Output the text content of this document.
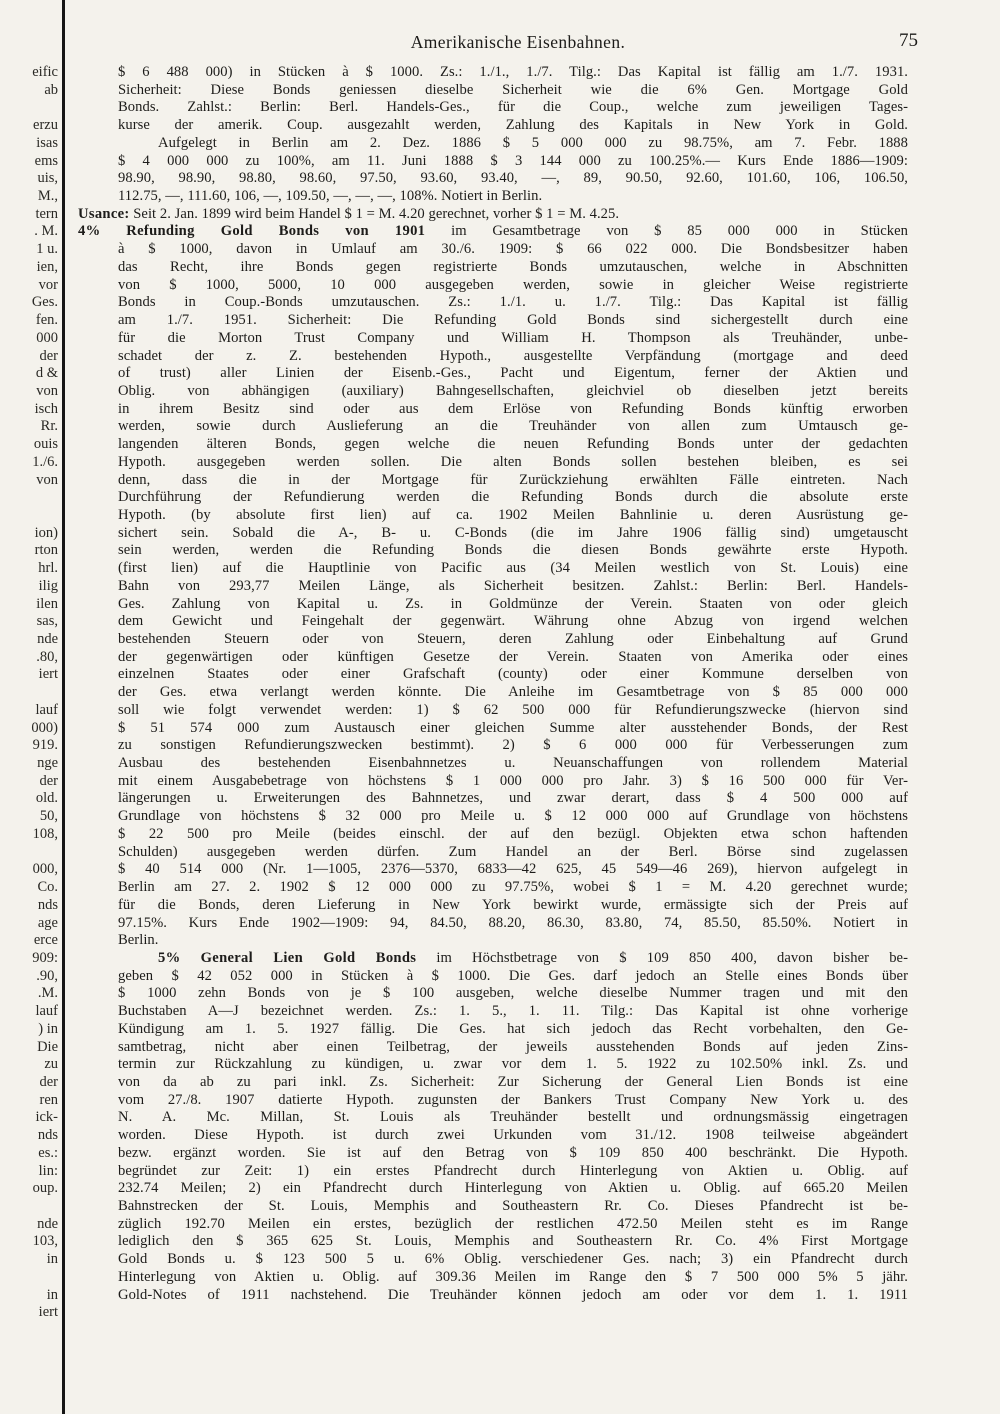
eific
ab

erzu
isas
ems
uis,
M.,
tern
. M.
1 u.
ien,
vor
Ges.
fen.
000
der
d &
von
isch
Rr.
ouis
1./6.
von

ion)
rton
hrl.
ilig
ilen
sas,
nde
.80,
iert

lauf
000)
919.
nge
der
old.
50,
108,

000,
Co.
nds
age
erce
909:
.90,
.M.
lauf
) in
Die
zu
der
ren
ick-
nds
es.:
lin:
oup.

nde
103,
in

in
iert
Amerikanische Eisenbahnen.	75
$ 6 488 000) in Stücken à $ 1000. Zs.: 1./1., 1./7. Tilg.: Das Kapital ist fällig am 1./7. 1931.
Sicherheit: Diese Bonds geniessen dieselbe Sicherheit wie die 6% Gen. Mortgage Gold
Bonds. Zahlst.: Berlin: Berl. Handels-Ges., für die Coup., welche zum jeweiligen Tages-
kurse der amerik. Coup. ausgezahlt werden, Zahlung des Kapitals in New York in Gold.
Aufgelegt in Berlin am 2. Dez. 1886 $ 5 000 000 zu 98.75%, am 7. Febr. 1888
$ 4 000 000 zu 100%, am 11. Juni 1888 $ 3 144 000 zu 100.25%.— Kurs Ende 1886—1909:
98.90, 98.90, 98.80, 98.60, 97.50, 93.60, 93.40, —, 89, 90.50, 92.60, 101.60, 106, 106.50,
112.75, —, 111.60, 106, —, 109.50, —, —, —, 108%. Notiert in Berlin.
Usance: Seit 2. Jan. 1899 wird beim Handel $ 1 = M. 4.20 gerechnet, vorher $ 1 = M. 4.25.
4% Refunding Gold Bonds von 1901 im Gesamtbetrage von $ 85 000 000 in Stücken
à $ 1000, davon in Umlauf am 30./6. 1909: $ 66 022 000. Die Bondsbesitzer haben
das Recht, ihre Bonds gegen registrierte Bonds umzutauschen, welche in Abschnitten
von $ 1000, 5000, 10 000 ausgegeben werden, sowie in gleicher Weise registrierte
Bonds in Coup.-Bonds umzutauschen. Zs.: 1./1. u. 1./7. Tilg.: Das Kapital ist fällig
am 1./7. 1951. Sicherheit: Die Refunding Gold Bonds sind sichergestellt durch eine
für die Morton Trust Company und William H. Thompson als Treuhänder, unbe-
schadet der z. Z. bestehenden Hypoth., ausgestellte Verpfändung (mortgage and deed
of trust) aller Linien der Eisenb.-Ges., Pacht und Eigentum, ferner der Aktien und
Oblig. von abhängigen (auxiliary) Bahngesellschaften, gleichviel ob dieselben jetzt bereits
in ihrem Besitz sind oder aus dem Erlöse von Refunding Bonds künftig erworben
werden, sowie durch Auslieferung an die Treuhänder von allen zum Umtausch ge-
langenden älteren Bonds, gegen welche die neuen Refunding Bonds unter der gedachten
Hypoth. ausgegeben werden sollen. Die alten Bonds sollen bestehen bleiben, es sei
denn, dass die in der Mortgage für Zurückziehung erwählten Fälle eintreten. Nach
Durchführung der Refundierung werden die Refunding Bonds durch die absolute erste
Hypoth. (by absolute first lien) auf ca. 1902 Meilen Bahnlinie u. deren Ausrüstung ge-
sichert sein. Sobald die A-, B- u. C-Bonds (die im Jahre 1906 fällig sind) umgetauscht
sein werden, werden die Refunding Bonds die diesen Bonds gewährte erste Hypoth.
(first lien) auf die Hauptlinie von Pacific aus (34 Meilen westlich von St. Louis) eine
Bahn von 293,77 Meilen Länge, als Sicherheit besitzen. Zahlst.: Berlin: Berl. Handels-
Ges. Zahlung von Kapital u. Zs. in Goldmünze der Verein. Staaten von oder gleich
dem Gewicht und Feingehalt der gegenwärt. Währung ohne Abzug von irgend welchen
bestehenden Steuern oder von Steuern, deren Zahlung oder Einbehaltung auf Grund
der gegenwärtigen oder künftigen Gesetze der Verein. Staaten von Amerika oder eines
einzelnen Staates oder einer Grafschaft (county) oder einer Kommune derselben von
der Ges. etwa verlangt werden könnte. Die Anleihe im Gesamtbetrage von $ 85 000 000
soll wie folgt verwendet werden: 1) $ 62 500 000 für Refundierungszwecke (hiervon sind
$ 51 574 000 zum Austausch einer gleichen Summe alter ausstehender Bonds, der Rest
zu sonstigen Refundierungszwecken bestimmt). 2) $ 6 000 000 für Verbesserungen zum
Ausbau des bestehenden Eisenbahnnetzes u. Neuanschaffungen von rollendem Material
mit einem Ausgabebetrage von höchstens $ 1 000 000 pro Jahr. 3) $ 16 500 000 für Ver-
längerungen u. Erweiterungen des Bahnnetzes, und zwar derart, dass $ 4 500 000 auf
Grundlage von höchstens $ 32 000 pro Meile u. $ 12 000 000 auf Grundlage von höchstens
$ 22 500 pro Meile (beides einschl. der auf den bezügl. Objekten etwa schon haftenden
Schulden) ausgegeben werden dürfen. Zum Handel an der Berl. Börse sind zugelassen
$ 40 514 000 (Nr. 1—1005, 2376—5370, 6833—42 625, 45 549—46 269), hiervon aufgelegt in
Berlin am 27. 2. 1902 $ 12 000 000 zu 97.75%, wobei $ 1 = M. 4.20 gerechnet wurde;
für die Bonds, deren Lieferung in New York bewirkt wurde, ermässigte sich der Preis auf
97.15%. Kurs Ende 1902—1909: 94, 84.50, 88.20, 86.30, 83.80, 74, 85.50, 85.50%. Notiert in
Berlin.
5% General Lien Gold Bonds im Höchstbetrage von $ 109 850 400, davon bisher be-
geben $ 42 052 000 in Stücken à $ 1000. Die Ges. darf jedoch an Stelle eines Bonds über
$ 1000 zehn Bonds von je $ 100 ausgeben, welche dieselbe Nummer tragen und mit den
Buchstaben A—J bezeichnet werden. Zs.: 1. 5., 1. 11. Tilg.: Das Kapital ist ohne vorherige
Kündigung am 1. 5. 1927 fällig. Die Ges. hat sich jedoch das Recht vorbehalten, den Ge-
samtbetrag, nicht aber einen Teilbetrag, der jeweils ausstehenden Bonds auf jeden Zins-
termin zur Rückzahlung zu kündigen, u. zwar vor dem 1. 5. 1922 zu 102.50% inkl. Zs. und
von da ab zu pari inkl. Zs. Sicherheit: Zur Sicherung der General Lien Bonds ist eine
vom 27./8. 1907 datierte Hypoth. zugunsten der Bankers Trust Company New York u. des
N. A. Mc. Millan, St. Louis als Treuhänder bestellt und ordnungsmässig eingetragen
worden. Diese Hypoth. ist durch zwei Urkunden vom 31./12. 1908 teilweise abgeändert
bezw. ergänzt worden. Sie ist auf den Betrag von $ 109 850 400 beschränkt. Die Hypoth.
begründet zur Zeit: 1) ein erstes Pfandrecht durch Hinterlegung von Aktien u. Oblig. auf
232.74 Meilen; 2) ein Pfandrecht durch Hinterlegung von Aktien u. Oblig. auf 665.20 Meilen
Bahnstrecken der St. Louis, Memphis and Southeastern Rr. Co. Dieses Pfandrecht ist be-
züglich 192.70 Meilen ein erstes, bezüglich der restlichen 472.50 Meilen steht es im Range
lediglich den $ 365 625 St. Louis, Memphis and Southeastern Rr. Co. 4% First Mortgage
Gold Bonds u. $ 123 500 5 u. 6% Oblig. verschiedener Ges. nach; 3) ein Pfandrecht durch
Hinterlegung von Aktien u. Oblig. auf 309.36 Meilen im Range den $ 7 500 000 5% 5 jähr.
Gold-Notes of 1911 nachstehend. Die Treuhänder können jedoch am oder vor dem 1. 1. 1911
